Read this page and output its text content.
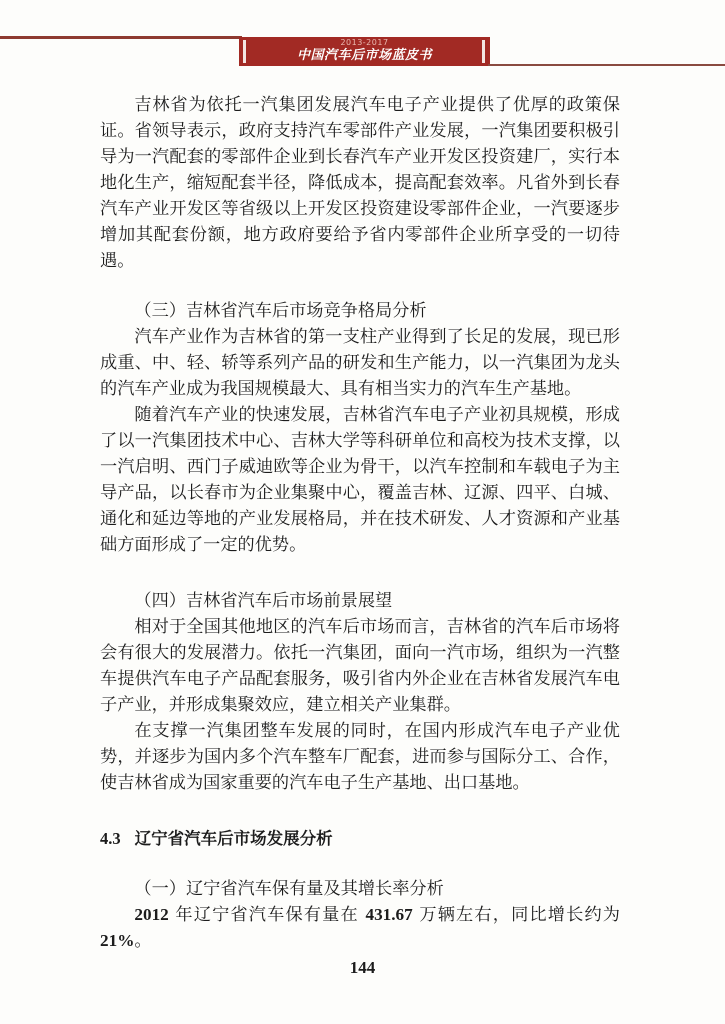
2013-2017
中国汽车后市场蓝皮书

吉林省为依托一汽集团发展汽车电子产业提供了优厚的政策保证。省领导表示，政府支持汽车零部件产业发展，一汽集团要积极引导为一汽配套的零部件企业到长春汽车产业开发区投资建厂，实行本地化生产，缩短配套半径，降低成本，提高配套效率。凡省外到长春汽车产业开发区等省级以上开发区投资建设零部件企业，一汽要逐步增加其配套份额，地方政府要给予省内零部件企业所享受的一切待遇。

（三）吉林省汽车后市场竞争格局分析

汽车产业作为吉林省的第一支柱产业得到了长足的发展，现已形成重、中、轻、轿等系列产品的研发和生产能力，以一汽集团为龙头的汽车产业成为我国规模最大、具有相当实力的汽车生产基地。

随着汽车产业的快速发展，吉林省汽车电子产业初具规模，形成了以一汽集团技术中心、吉林大学等科研单位和高校为技术支撑，以一汽启明、西门子威迪欧等企业为骨干，以汽车控制和车载电子为主导产品，以长春市为企业集聚中心，覆盖吉林、辽源、四平、白城、通化和延边等地的产业发展格局，并在技术研发、人才资源和产业基础方面形成了一定的优势。

（四）吉林省汽车后市场前景展望

相对于全国其他地区的汽车后市场而言，吉林省的汽车后市场将会有很大的发展潜力。依托一汽集团，面向一汽市场，组织为一汽整车提供汽车电子产品配套服务，吸引省内外企业在吉林省发展汽车电子产业，并形成集聚效应，建立相关产业集群。

在支撑一汽集团整车发展的同时，在国内形成汽车电子产业优势，并逐步为国内多个汽车整车厂配套，进而参与国际分工、合作，使吉林省成为国家重要的汽车电子生产基地、出口基地。

4.3 辽宁省汽车后市场发展分析
（一）辽宁省汽车保有量及其增长率分析

2012 年辽宁省汽车保有量在 431.67 万辆左右，同比增长约为 21%。

144
